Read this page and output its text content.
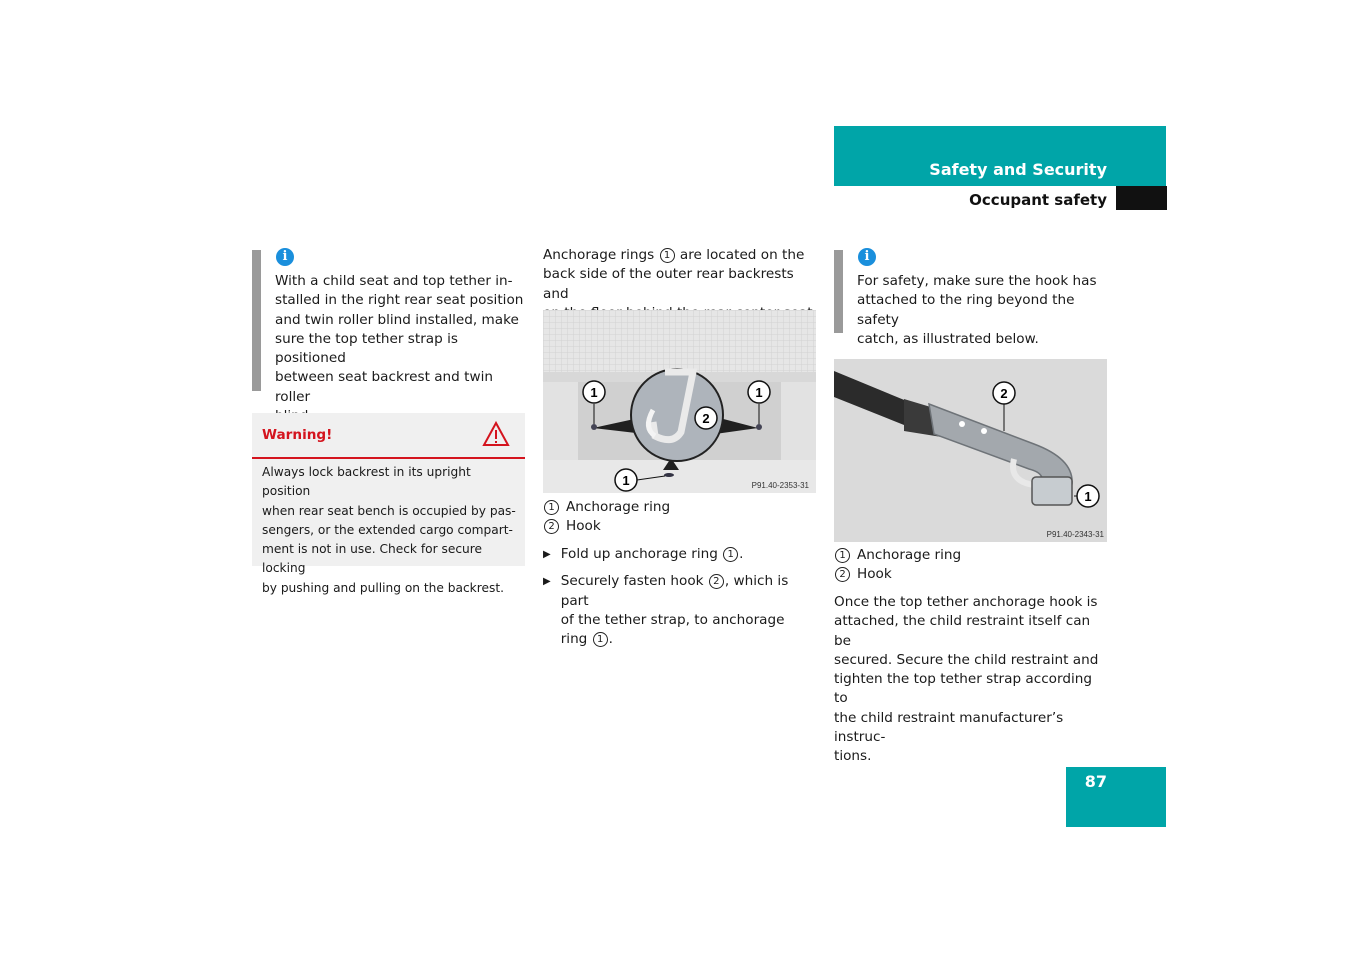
Safety and Security
Occupant safety
i
With a child seat and top tether in-
stalled in the right rear seat position
and twin roller blind installed, make
sure the top tether strap is positioned
between seat backrest and twin roller
Warning!
Always lock backrest in its upright position
when rear seat bench is occupied by pas-
sengers, or the extended cargo compart-
ment is not in use. Check for secure locking
by pushing and pulling on the backrest.
Anchorage rings 1 are located on the
back side of the outer rear backrests and
1	1
2
1	P91.40-2353-31
1 Anchorage ring
2 Hook
▶ Fold up anchorage ring 1 .
▶ Securely fasten hook 2 , which is part
of the tether strap, to anchorage
ring 1 .
i
For safety, make sure the hook has
attached to the ring beyond the safety
catch, as illustrated below.
2
1
P91.40-2343-31
1 Anchorage ring
2 Hook
Once the top tether anchorage hook is
attached, the child restraint itself can be
secured. Secure the child restraint and
tighten the top tether strap according to
the child restraint manufacturer’s instruc-
tions.
87
